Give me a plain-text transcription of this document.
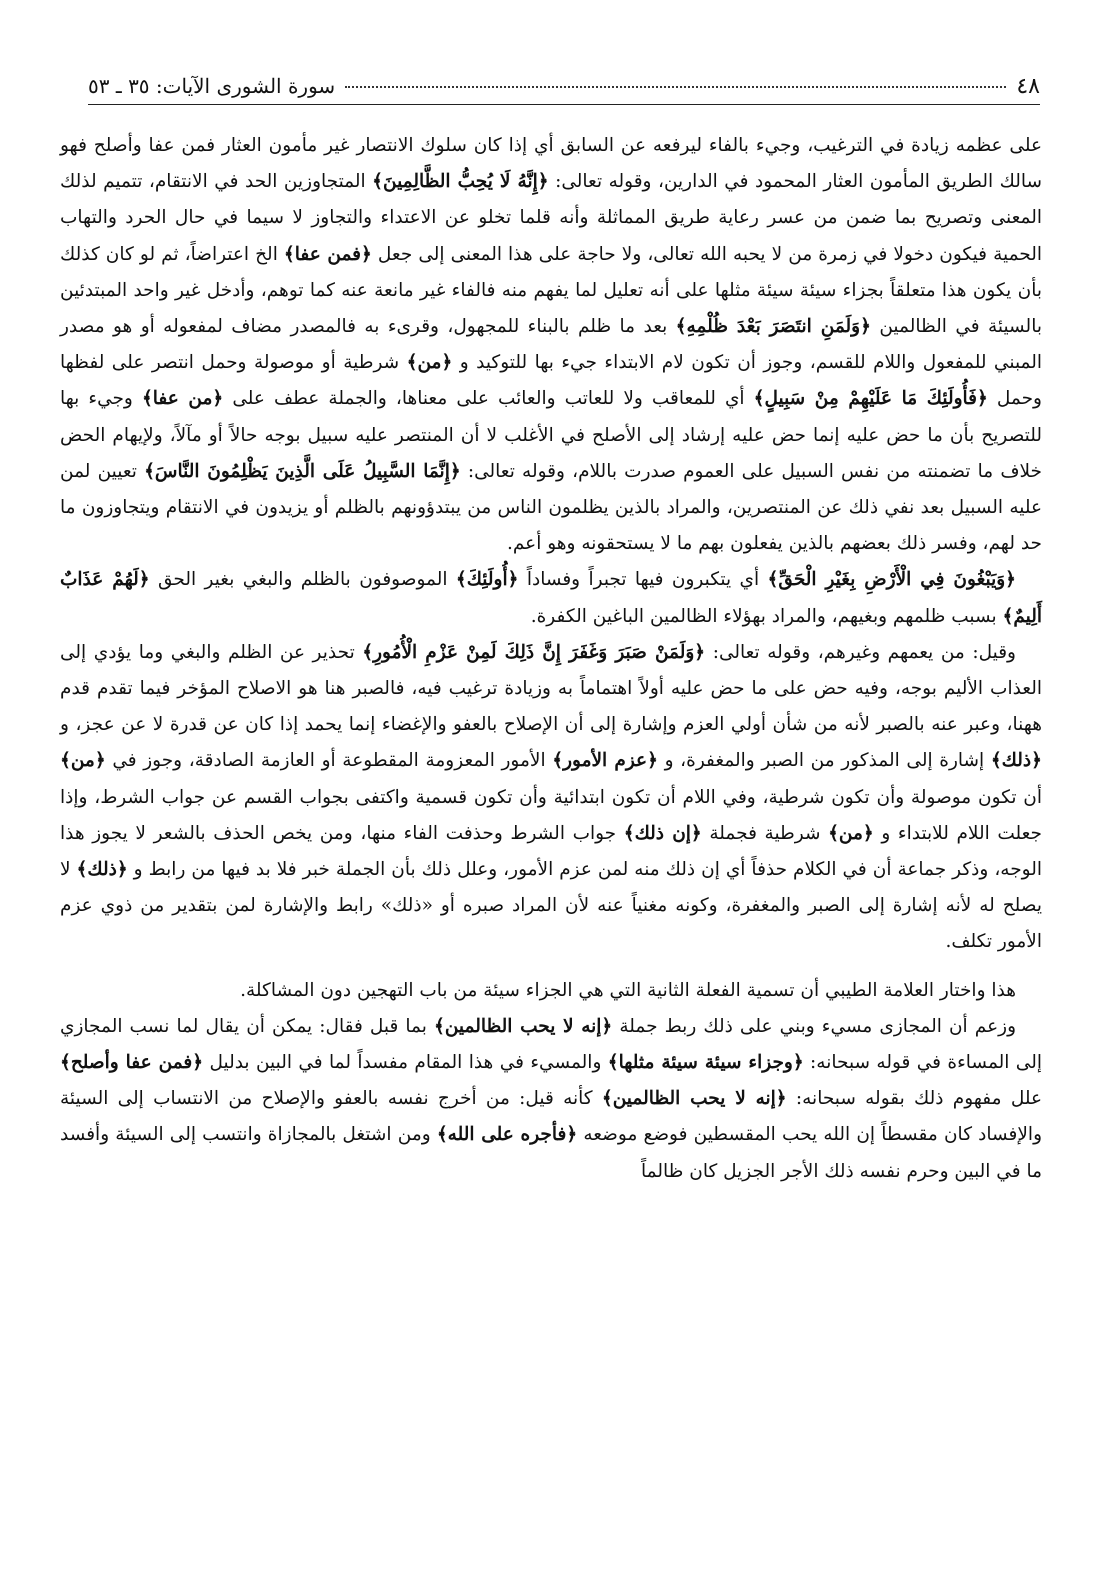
٤٨
سورة الشورى الآيات: ٣٥ ـ ٥٣

على عظمه زيادة في الترغيب، وجيء بالفاء ليرفعه عن السابق أي إذا كان سلوك الانتصار غير مأمون العثار فمن عفا وأصلح فهو سالك الطريق المأمون العثار المحمود في الدارين، وقوله تعالى: ﴿إِنَّهُ لَا يُحِبُّ الظَّالِمِينَ﴾ المتجاوزين الحد في الانتقام، تتميم لذلك المعنى وتصريح بما ضمن من عسر رعاية طريق المماثلة وأنه قلما تخلو عن الاعتداء والتجاوز لا سيما في حال الحرد والتهاب الحمية فيكون دخولا في زمرة من لا يحبه الله تعالى، ولا حاجة على هذا المعنى إلى جعل ﴿فمن عفا﴾ الخ اعتراضاً، ثم لو كان كذلك بأن يكون هذا متعلقاً بجزاء سيئة سيئة مثلها على أنه تعليل لما يفهم منه فالفاء غير مانعة عنه كما توهم، وأدخل غير واحد المبتدئين بالسيئة في الظالمين ﴿وَلَمَنِ انتَصَرَ بَعْدَ ظُلْمِهِ﴾ بعد ما ظلم بالبناء للمجهول، وقرىء به فالمصدر مضاف لمفعوله أو هو مصدر المبني للمفعول واللام للقسم، وجوز أن تكون لام الابتداء جيء بها للتوكيد و ﴿من﴾ شرطية أو موصولة وحمل انتصر على لفظها وحمل ﴿فَأُولَئِكَ مَا عَلَيْهِمْ مِنْ سَبِيلٍ﴾ أي للمعاقب ولا للعاتب والعائب على معناها، والجملة عطف على ﴿من عفا﴾ وجيء بها للتصريح بأن ما حض عليه إنما حض عليه إرشاد إلى الأصلح في الأغلب لا أن المنتصر عليه سبيل بوجه حالاً أو مآلاً، ولإيهام الحض خلاف ما تضمنته من نفس السبيل على العموم صدرت باللام، وقوله تعالى: ﴿إِنَّمَا السَّبِيلُ عَلَى الَّذِينَ يَظْلِمُونَ النَّاسَ﴾ تعيين لمن عليه السبيل بعد نفي ذلك عن المنتصرين، والمراد بالذين يظلمون الناس من يبتدؤونهم بالظلم أو يزيدون في الانتقام ويتجاوزون ما حد لهم، وفسر ذلك بعضهم بالذين يفعلون بهم ما لا يستحقونه وهو أعم.

﴿وَيَبْغُونَ فِي الْأَرْضِ بِغَيْرِ الْحَقِّ﴾ أي يتكبرون فيها تجبراً وفساداً ﴿أُولَئِكَ﴾ الموصوفون بالظلم والبغي بغير الحق ﴿لَهُمْ عَذَابٌ أَلِيمٌ﴾ بسبب ظلمهم وبغيهم، والمراد بهؤلاء الظالمين الباغين الكفرة.

وقيل: من يعمهم وغيرهم، وقوله تعالى: ﴿وَلَمَنْ صَبَرَ وَغَفَرَ إِنَّ ذَلِكَ لَمِنْ عَزْمِ الْأُمُورِ﴾ تحذير عن الظلم والبغي وما يؤدي إلى العذاب الأليم بوجه، وفيه حض على ما حض عليه أولاً اهتماماً به وزيادة ترغيب فيه، فالصبر هنا هو الاصلاح المؤخر فيما تقدم قدم ههنا، وعبر عنه بالصبر لأنه من شأن أولي العزم وإشارة إلى أن الإصلاح بالعفو والإغضاء إنما يحمد إذا كان عن قدرة لا عن عجز، و ﴿ذلك﴾ إشارة إلى المذكور من الصبر والمغفرة، و ﴿عزم الأمور﴾ الأمور المعزومة المقطوعة أو العازمة الصادقة، وجوز في ﴿من﴾ أن تكون موصولة وأن تكون شرطية، وفي اللام أن تكون ابتدائية وأن تكون قسمية واكتفى بجواب القسم عن جواب الشرط، وإذا جعلت اللام للابتداء و ﴿من﴾ شرطية فجملة ﴿إن ذلك﴾ جواب الشرط وحذفت الفاء منها، ومن يخص الحذف بالشعر لا يجوز هذا الوجه، وذكر جماعة أن في الكلام حذفاً أي إن ذلك منه لمن عزم الأمور، وعلل ذلك بأن الجملة خبر فلا بد فيها من رابط و ﴿ذلك﴾ لا يصلح له لأنه إشارة إلى الصبر والمغفرة، وكونه مغنياً عنه لأن المراد صبره أو «ذلك» رابط والإشارة لمن بتقدير من ذوي عزم الأمور تكلف.

هذا واختار العلامة الطيبي أن تسمية الفعلة الثانية التي هي الجزاء سيئة من باب التهجين دون المشاكلة.

وزعم أن المجازى مسيء وبني على ذلك ربط جملة ﴿إنه لا يحب الظالمين﴾ بما قبل فقال: يمكن أن يقال لما نسب المجازي إلى المساءة في قوله سبحانه: ﴿وجزاء سيئة سيئة مثلها﴾ والمسيء في هذا المقام مفسداً لما في البين بدليل ﴿فمن عفا وأصلح﴾ علل مفهوم ذلك بقوله سبحانه: ﴿إنه لا يحب الظالمين﴾ كأنه قيل: من أخرج نفسه بالعفو والإصلاح من الانتساب إلى السيئة والإفساد كان مقسطاً إن الله يحب المقسطين فوضع موضعه ﴿فأجره على الله﴾ ومن اشتغل بالمجازاة وانتسب إلى السيئة وأفسد ما في البين وحرم نفسه ذلك الأجر الجزيل كان ظالماً
